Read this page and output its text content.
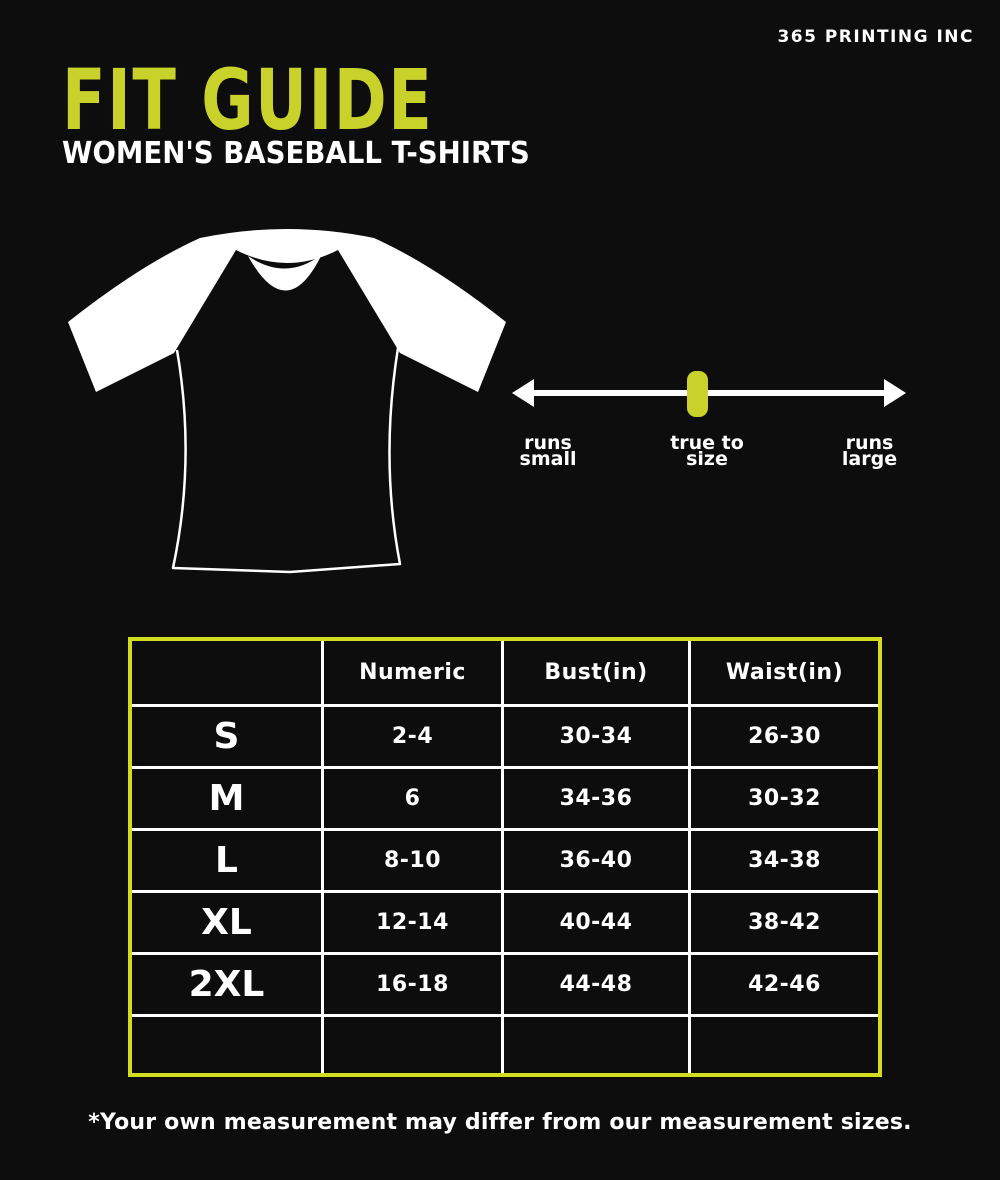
365 PRINTING INC
FIT GUIDE
WOMEN'S BASEBALL T-SHIRTS
runs
small
true to
size
runs
large
	Numeric	Bust(in)	Waist(in)
S	2-4	30-34	26-30
M	6	34-36	30-32
L	8-10	36-40	34-38
XL	12-14	40-44	38-42
2XL	16-18	44-48	42-46

*Your own measurement may differ from our measurement sizes.
